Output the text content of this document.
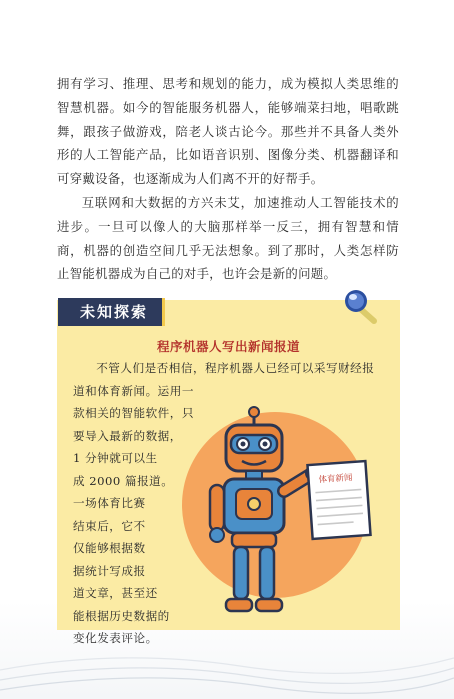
拥有学习、推理、思考和规划的能力，成为模拟人类思维的智慧机器。如今的智能服务机器人，能够端菜扫地，唱歌跳舞，跟孩子做游戏，陪老人谈古论今。那些并不具备人类外形的人工智能产品，比如语音识别、图像分类、机器翻译和可穿戴设备，也逐渐成为人们离不开的好帮手。

互联网和大数据的方兴未艾，加速推动人工智能技术的进步。一旦可以像人的大脑那样举一反三，拥有智慧和情商，机器的创造空间几乎无法想象。到了那时，人类怎样防止智能机器成为自己的对手，也许会是新的问题。

未知探索
程序机器人写出新闻报道
不管人们是否相信，程序机器人已经可以采写财经报道和体育新闻。运用一
款相关的智能软件，只
要导入最新的数据，
1 分钟就可以生
成 2000 篇报道。
一场体育比赛
结束后，它不
仅能够根据数
据统计写成报
道文章，甚至还
能根据历史数据的
变化发表评论。
体育新闻
